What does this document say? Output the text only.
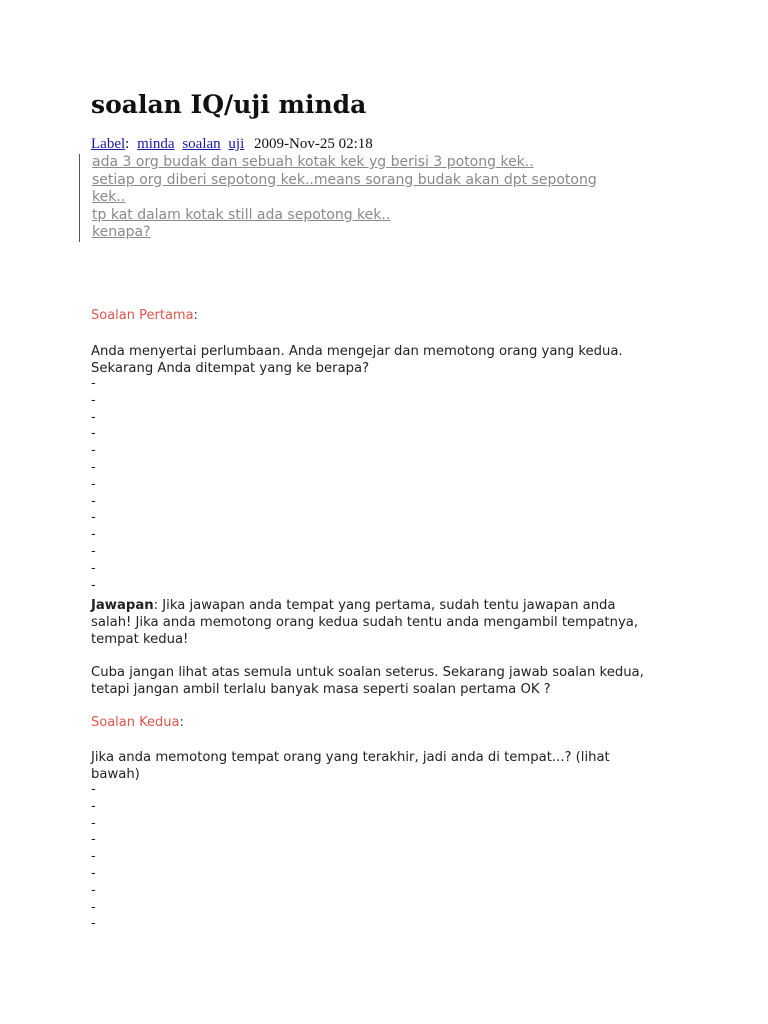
soalan IQ/uji minda
Label: minda soalan uji 2009-Nov-25 02:18
ada 3 org budak dan sebuah kotak kek yg berisi 3 potong kek..
setiap org diberi sepotong kek..means sorang budak akan dpt sepotong
kek..
tp kat dalam kotak still ada sepotong kek..
kenapa?
Soalan Pertama:
Anda menyertai perlumbaan. Anda mengejar dan memotong orang yang kedua.
Sekarang Anda ditempat yang ke berapa?
-
-
-
-
-
-
-
-
-
-
-
-
-
Jawapan: Jika jawapan anda tempat yang pertama, sudah tentu jawapan anda
salah! Jika anda memotong orang kedua sudah tentu anda mengambil tempatnya,
tempat kedua!
Cuba jangan lihat atas semula untuk soalan seterus. Sekarang jawab soalan kedua,
tetapi jangan ambil terlalu banyak masa seperti soalan pertama OK ?
Soalan Kedua:
Jika anda memotong tempat orang yang terakhir, jadi anda di tempat...? (lihat
bawah)
-
-
-
-
-
-
-
-
-
